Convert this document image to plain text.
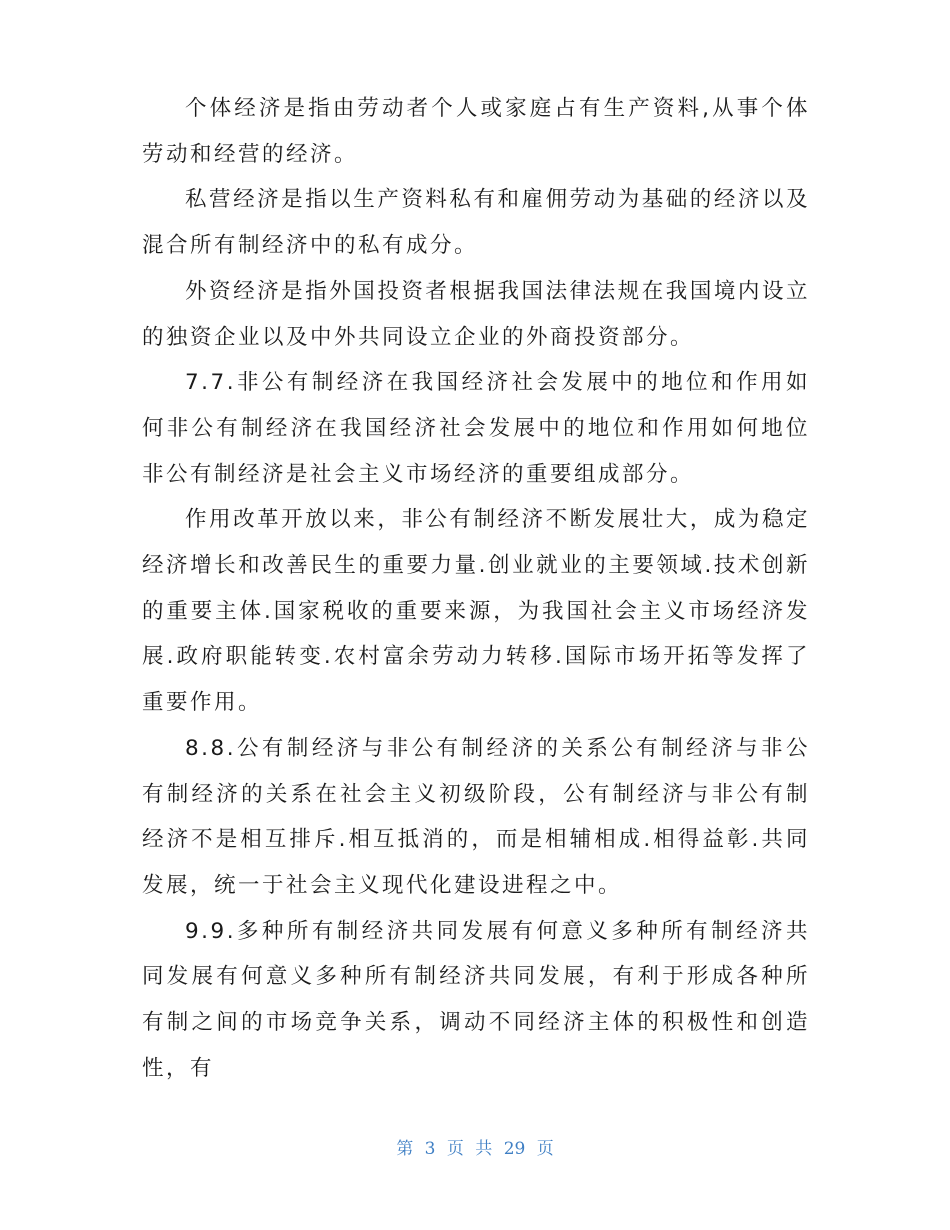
个体经济是指由劳动者个人或家庭占有生产资料,从事个体劳动和经营的经济。

私营经济是指以生产资料私有和雇佣劳动为基础的经济以及混合所有制经济中的私有成分。

外资经济是指外国投资者根据我国法律法规在我国境内设立的独资企业以及中外共同设立企业的外商投资部分。

7.7.非公有制经济在我国经济社会发展中的地位和作用如何非公有制经济在我国经济社会发展中的地位和作用如何地位非公有制经济是社会主义市场经济的重要组成部分。

作用改革开放以来，非公有制经济不断发展壮大，成为稳定经济增长和改善民生的重要力量.创业就业的主要领域.技术创新的重要主体.国家税收的重要来源，为我国社会主义市场经济发展.政府职能转变.农村富余劳动力转移.国际市场开拓等发挥了重要作用。

8.8.公有制经济与非公有制经济的关系公有制经济与非公有制经济的关系在社会主义初级阶段，公有制经济与非公有制经济不是相互排斥.相互抵消的，而是相辅相成.相得益彰.共同发展，统一于社会主义现代化建设进程之中。

9.9.多种所有制经济共同发展有何意义多种所有制经济共同发展有何意义多种所有制经济共同发展，有利于形成各种所有制之间的市场竞争关系，调动不同经济主体的积极性和创造性，有

第 3 页 共 29 页
